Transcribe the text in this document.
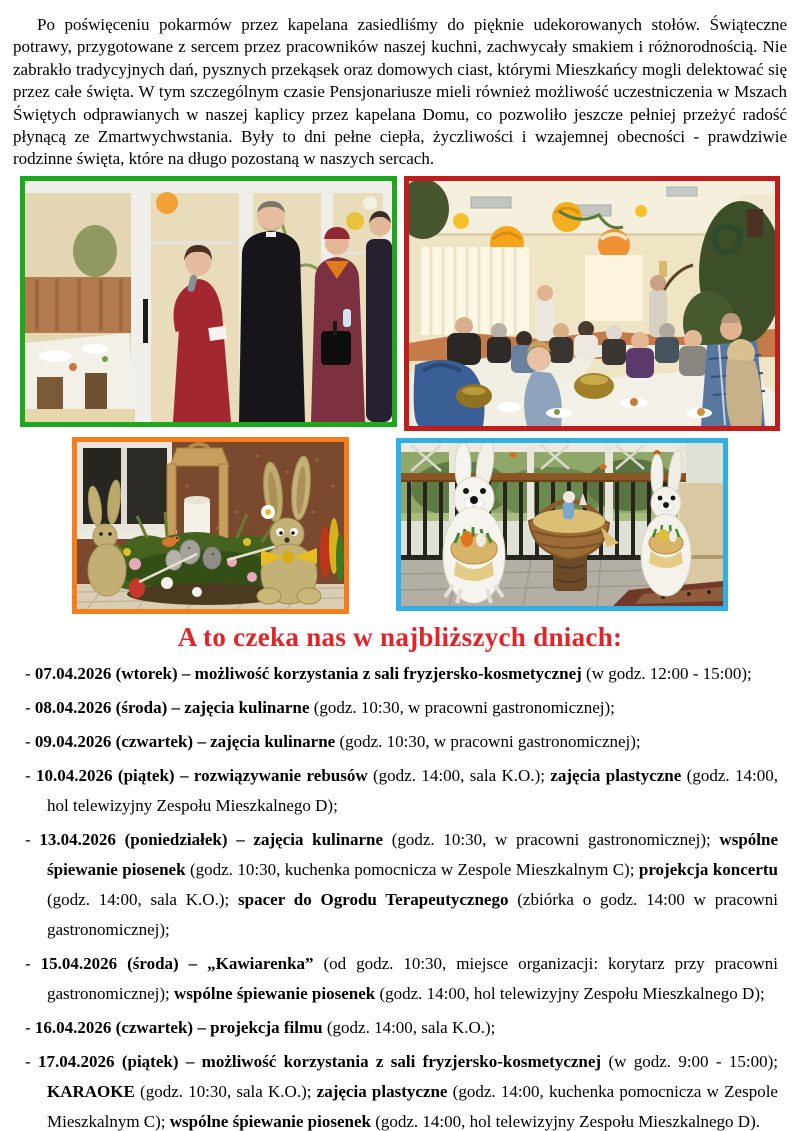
Po poświęceniu pokarmów przez kapelana zasiedliśmy do pięknie udekorowanych stołów. Świąteczne potrawy, przygotowane z sercem przez pracowników naszej kuchni, zachwycały smakiem i różnorodnością. Nie zabrakło tradycyjnych dań, pysznych przekąsek oraz domowych ciast, którymi Mieszkańcy mogli delektować się przez całe święta. W tym szczególnym czasie Pensjonariusze mieli również możliwość uczestniczenia w Mszach Świętych odprawianych w naszej kaplicy przez kapelana Domu, co pozwoliło jeszcze pełniej przeżyć radość płynącą ze Zmartwychwstania. Były to dni pełne ciepła, życzliwości i wzajemnej obecności - prawdziwie rodzinne święta, które na długo pozostaną w naszych sercach.

A to czeka nas w najbliższych dniach:
- 07.04.2026 (wtorek) – możliwość korzystania z sali fryzjersko-kosmetycznej (w godz. 12:00 - 15:00);
- 08.04.2026 (środa) – zajęcia kulinarne (godz. 10:30, w pracowni gastronomicznej);
- 09.04.2026 (czwartek) – zajęcia kulinarne (godz. 10:30, w pracowni gastronomicznej);
- 10.04.2026 (piątek) – rozwiązywanie rebusów (godz. 14:00, sala K.O.); zajęcia plastyczne (godz. 14:00, hol telewizyjny Zespołu Mieszkalnego D);
- 13.04.2026 (poniedziałek) – zajęcia kulinarne (godz. 10:30, w pracowni gastronomicznej); wspólne śpiewanie piosenek (godz. 10:30, kuchenka pomocnicza w Zespole Mieszkalnym C); projekcja koncertu (godz. 14:00, sala K.O.); spacer do Ogrodu Terapeutycznego (zbiórka o godz. 14:00 w pracowni gastronomicznej);
- 15.04.2026 (środa) – „Kawiarenka” (od godz. 10:30, miejsce organizacji: korytarz przy pracowni gastronomicznej); wspólne śpiewanie piosenek (godz. 14:00, hol telewizyjny Zespołu Mieszkalnego D);
- 16.04.2026 (czwartek) – projekcja filmu (godz. 14:00, sala K.O.);
- 17.04.2026 (piątek) – możliwość korzystania z sali fryzjersko-kosmetycznej (w godz. 9:00 - 15:00); KARAOKE (godz. 10:30, sala K.O.); zajęcia plastyczne (godz. 14:00, kuchenka pomocnicza w Zespole Mieszkalnym C); wspólne śpiewanie piosenek (godz. 14:00, hol telewizyjny Zespołu Mieszkalnego D).
